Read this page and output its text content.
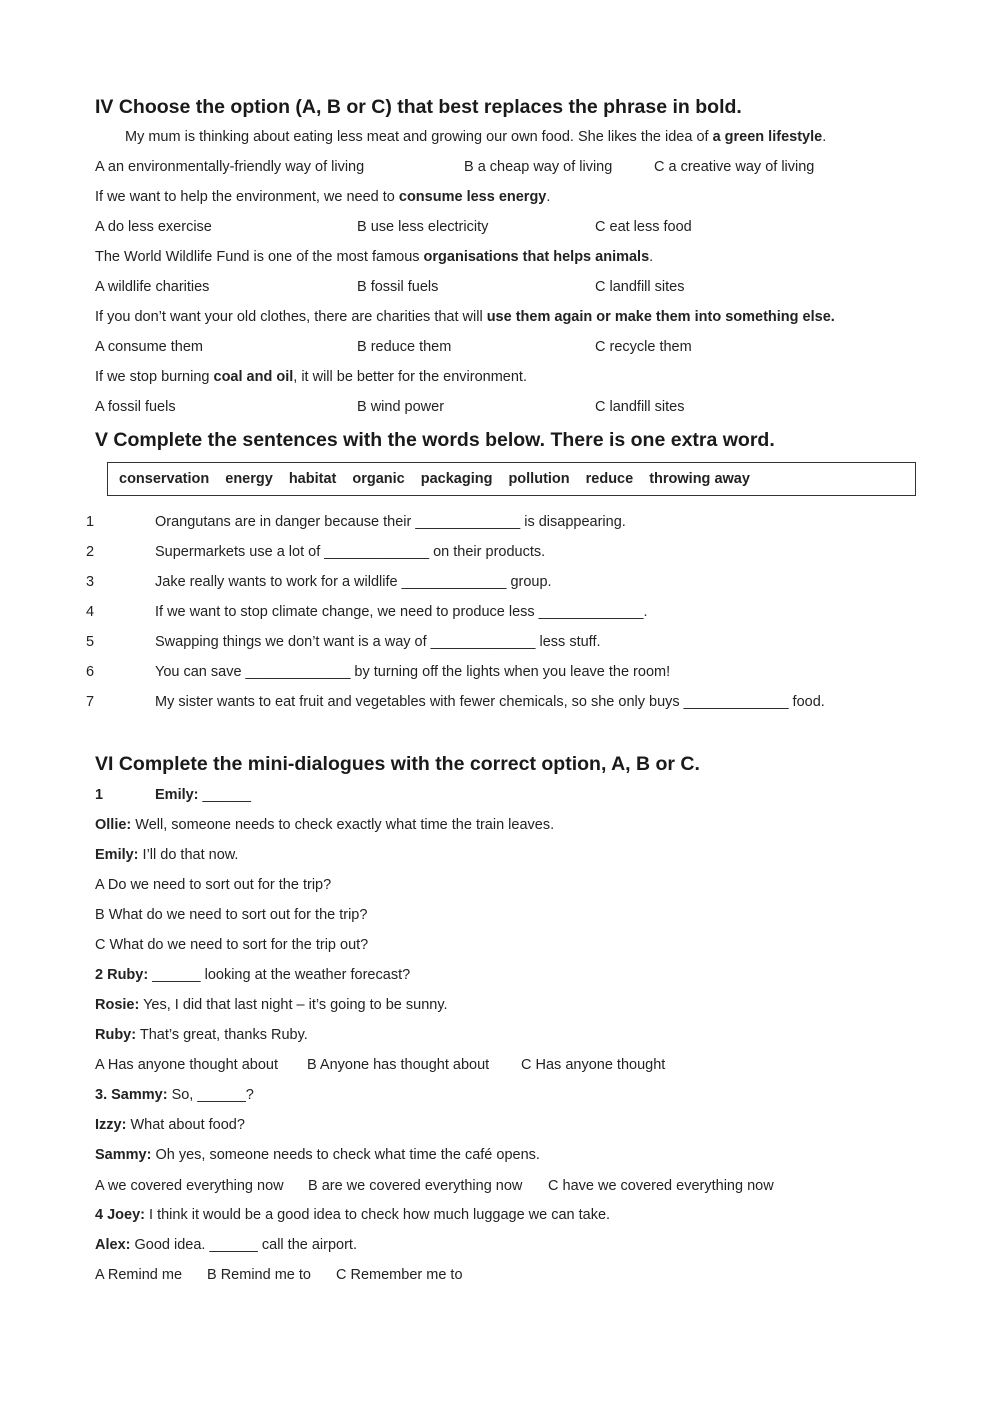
IV Choose the option (A, B or C) that best replaces the phrase in bold.
My mum is thinking about eating less meat and growing our own food. She likes the idea of a green lifestyle.
A an environmentally-friendly way of living	B a cheap way of living	C a creative way of living
If we want to help the environment, we need to consume less energy.
A do less exercise	B use less electricity	C eat less food
The World Wildlife Fund is one of the most famous organisations that helps animals.
A wildlife charities	B fossil fuels	C landfill sites
If you don’t want your old clothes, there are charities that will use them again or make them into something else.
A consume them	B reduce them	C recycle them
If we stop burning coal and oil, it will be better for the environment.
A fossil fuels	B wind power	C landfill sites
V Complete the sentences with the words below. There is one extra word.
conservation energy habitat organic packaging pollution reduce throwing away
1	Orangutans are in danger because their _____________ is disappearing.
2	Supermarkets use a lot of _____________ on their products.
3	Jake really wants to work for a wildlife _____________ group.
4	If we want to stop climate change, we need to produce less _____________.
5	Swapping things we don’t want is a way of _____________ less stuff.
6	You can save _____________ by turning off the lights when you leave the room!
7	My sister wants to eat fruit and vegetables with fewer chemicals, so she only buys _____________ food.
VI Complete the mini-dialogues with the correct option, A, B or C.
1	Emily: ______
Ollie: Well, someone needs to check exactly what time the train leaves.
Emily: I’ll do that now.
A Do we need to sort out for the trip?
B What do we need to sort out for the trip?
C What do we need to sort for the trip out?
2 Ruby: ______ looking at the weather forecast?
Rosie: Yes, I did that last night – it’s going to be sunny.
Ruby: That’s great, thanks Ruby.
A Has anyone thought about B Anyone has thought about C Has anyone thought
3. Sammy: So, ______?
Izzy: What about food?
Sammy: Oh yes, someone needs to check what time the café opens.
A we covered everything now B are we covered everything now C have we covered everything now
4 Joey: I think it would be a good idea to check how much luggage we can take.
Alex: Good idea. ______ call the airport.
A Remind me B Remind me to C Remember me to
